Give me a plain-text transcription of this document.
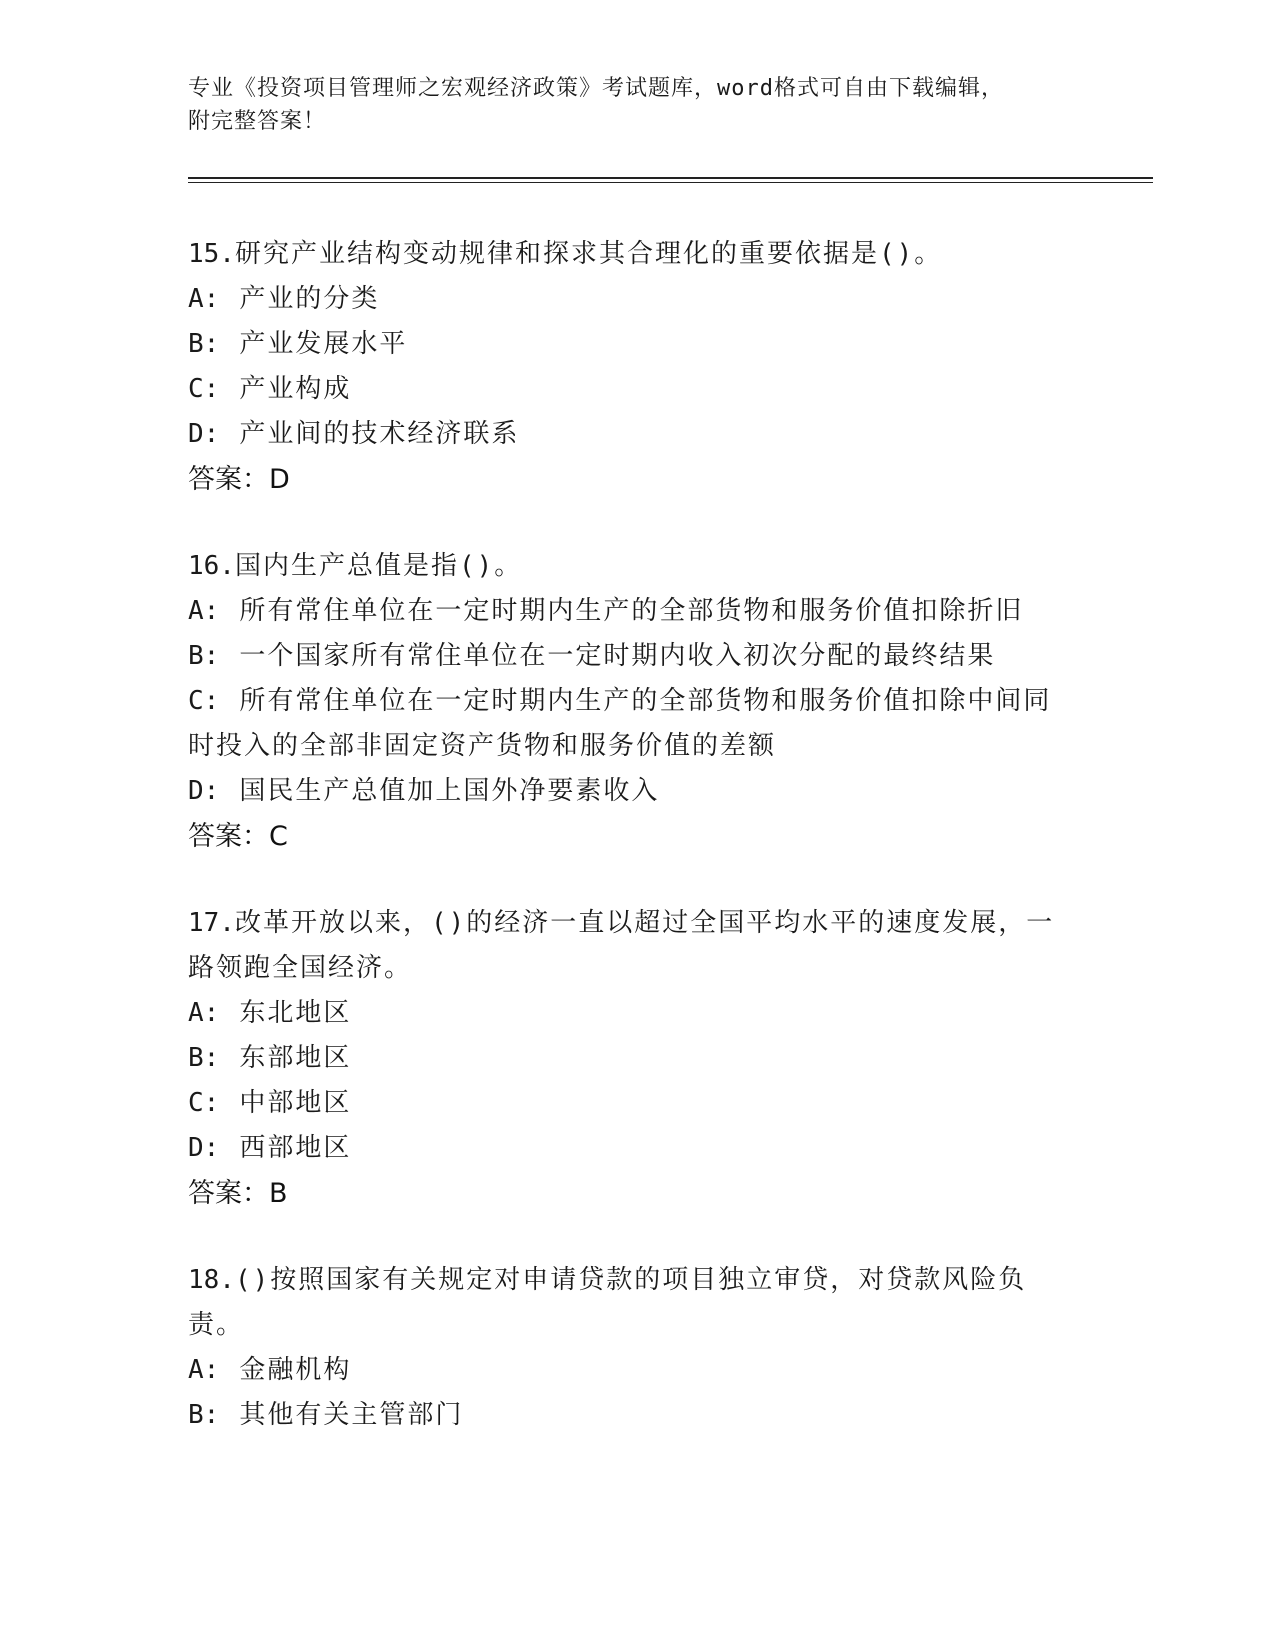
专业《投资项目管理师之宏观经济政策》考试题库，word格式可自由下载编辑，
附完整答案！

15.研究产业结构变动规律和探求其合理化的重要依据是()。

A: 产业的分类

B: 产业发展水平

C: 产业构成

D: 产业间的技术经济联系

答案：D

16.国内生产总值是指()。

A: 所有常住单位在一定时期内生产的全部货物和服务价值扣除折旧

B: 一个国家所有常住单位在一定时期内收入初次分配的最终结果

C: 所有常住单位在一定时期内生产的全部货物和服务价值扣除中间同时投入的全部非固定资产货物和服务价值的差额

D: 国民生产总值加上国外净要素收入

答案：C

17.改革开放以来，()的经济一直以超过全国平均水平的速度发展，一路领跑全国经济。

A: 东北地区

B: 东部地区

C: 中部地区

D: 西部地区

答案：B

18.()按照国家有关规定对申请贷款的项目独立审贷，对贷款风险负责。

A: 金融机构

B: 其他有关主管部门
